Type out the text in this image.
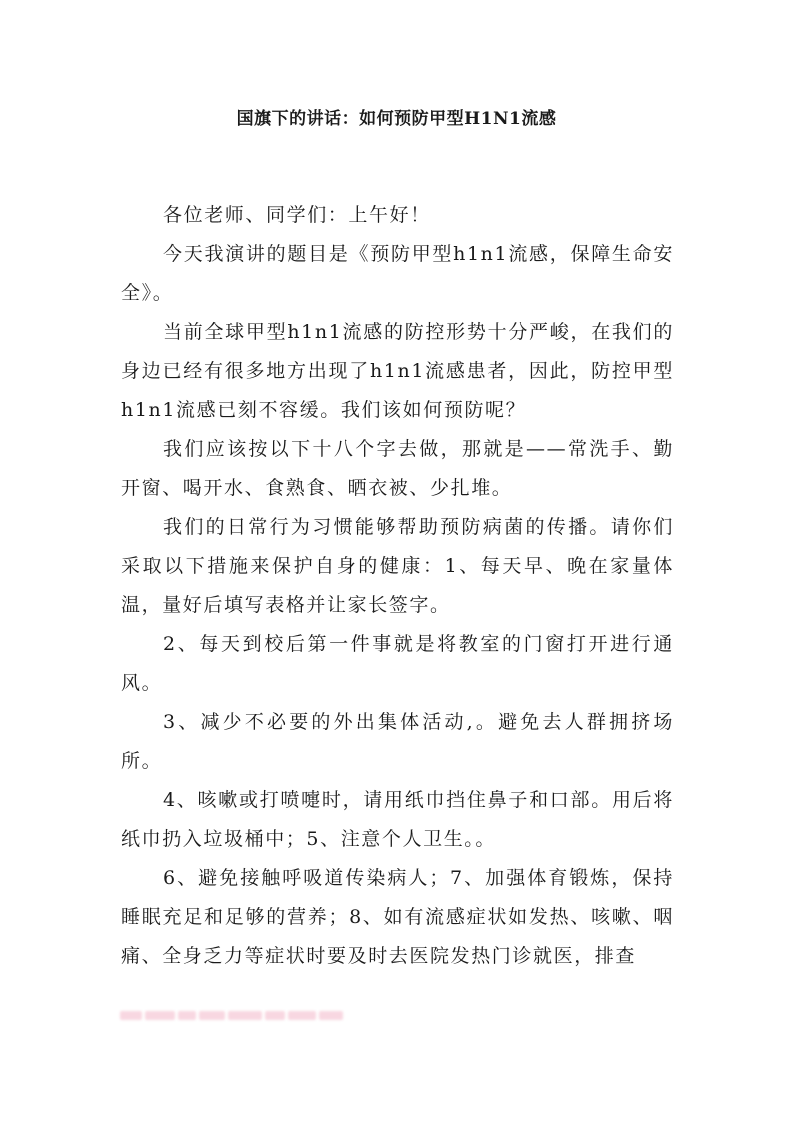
国旗下的讲话：如何预防甲型H1N1流感

各位老师、同学们：上午好！

今天我演讲的题目是《预防甲型h1n1流感，保障生命安全》。

当前全球甲型h1n1流感的防控形势十分严峻，在我们的身边已经有很多地方出现了h1n1流感患者，因此，防控甲型h1n1流感已刻不容缓。我们该如何预防呢？

我们应该按以下十八个字去做，那就是——常洗手、勤开窗、喝开水、食熟食、晒衣被、少扎堆。

我们的日常行为习惯能够帮助预防病菌的传播。请你们采取以下措施来保护自身的健康：1、每天早、晚在家量体温，量好后填写表格并让家长签字。

2、每天到校后第一件事就是将教室的门窗打开进行通风。

3、减少不必要的外出集体活动,。避免去人群拥挤场所。

4、咳嗽或打喷嚏时，请用纸巾挡住鼻子和口部。用后将纸巾扔入垃圾桶中；5、注意个人卫生。。

6、避免接触呼吸道传染病人；7、加强体育锻炼，保持睡眠充足和足够的营养；8、如有流感症状如发热、咳嗽、咽痛、全身乏力等症状时要及时去医院发热门诊就医，排查
